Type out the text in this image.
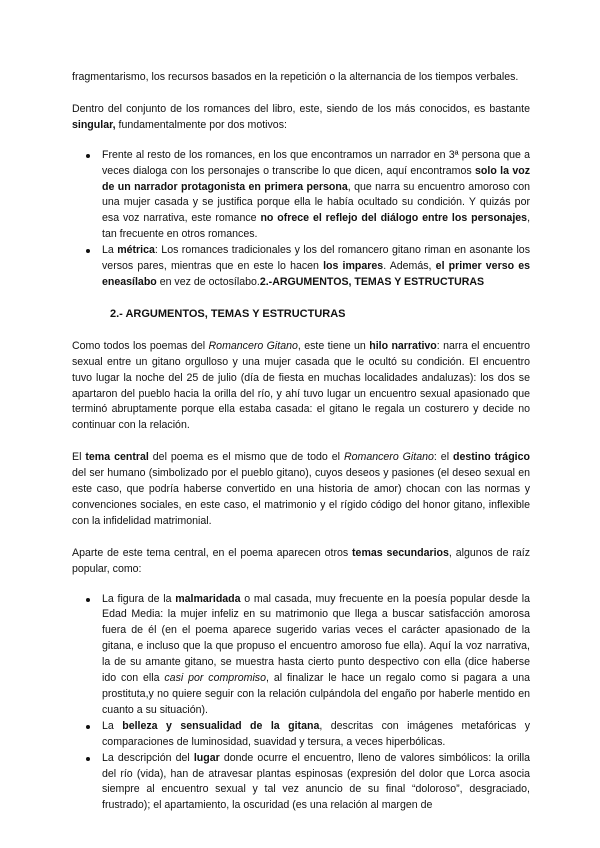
fragmentarismo, los recursos basados en la repetición o la alternancia de los tiempos verbales.

Dentro del conjunto de los romances del libro, este, siendo de los más conocidos, es bastante singular, fundamentalmente por dos motivos:

Frente al resto de los romances, en los que encontramos un narrador en 3ª persona que a veces dialoga con los personajes o transcribe lo que dicen, aquí encontramos solo la voz de un narrador protagonista en primera persona, que narra su encuentro amoroso con una mujer casada y se justifica porque ella le había ocultado su condición. Y quizás por esa voz narrativa, este romance no ofrece el reflejo del diálogo entre los personajes, tan frecuente en otros romances.
La métrica: Los romances tradicionales y los del romancero gitano riman en asonante los versos pares, mientras que en este lo hacen los impares. Además, el primer verso es eneasílabo en vez de octosílabo.2.-ARGUMENTOS, TEMAS Y ESTRUCTURAS

2.- ARGUMENTOS, TEMAS Y ESTRUCTURAS

Como todos los poemas del Romancero Gitano, este tiene un hilo narrativo: narra el encuentro sexual entre un gitano orgulloso y una mujer casada que le ocultó su condición. El encuentro tuvo lugar la noche del 25 de julio (día de fiesta en muchas localidades andaluzas): los dos se apartaron del pueblo hacia la orilla del río, y ahí tuvo lugar un encuentro sexual apasionado que terminó abruptamente porque ella estaba casada: el gitano le regala un costurero y decide no continuar con la relación.

El tema central del poema es el mismo que de todo el Romancero Gitano: el destino trágico del ser humano (simbolizado por el pueblo gitano), cuyos deseos y pasiones (el deseo sexual en este caso, que podría haberse convertido en una historia de amor) chocan con las normas y convenciones sociales, en este caso, el matrimonio y el rígido código del honor gitano, inflexible con la infidelidad matrimonial.

Aparte de este tema central, en el poema aparecen otros temas secundarios, algunos de raíz popular, como:

La figura de la malmaridada o mal casada, muy frecuente en la poesía popular desde la Edad Media: la mujer infeliz en su matrimonio que llega a buscar satisfacción amorosa fuera de él (en el poema aparece sugerido varias veces el carácter apasionado de la gitana, e incluso que la que propuso el encuentro amoroso fue ella). Aquí la voz narrativa, la de su amante gitano, se muestra hasta cierto punto despectivo con ella (dice haberse ido con ella casi por compromiso, al finalizar le hace un regalo como si pagara a una prostituta,y no quiere seguir con la relación culpándola del engaño por haberle mentido en cuanto a su situación).
La belleza y sensualidad de la gitana, descritas con imágenes metafóricas y comparaciones de luminosidad, suavidad y tersura, a veces hiperbólicas.
La descripción del lugar donde ocurre el encuentro, lleno de valores simbólicos: la orilla del río (vida), han de atravesar plantas espinosas (expresión del dolor que Lorca asocia siempre al encuentro sexual y tal vez anuncio de su final “doloroso”, desgraciado, frustrado); el apartamiento, la oscuridad (es una relación al margen de
